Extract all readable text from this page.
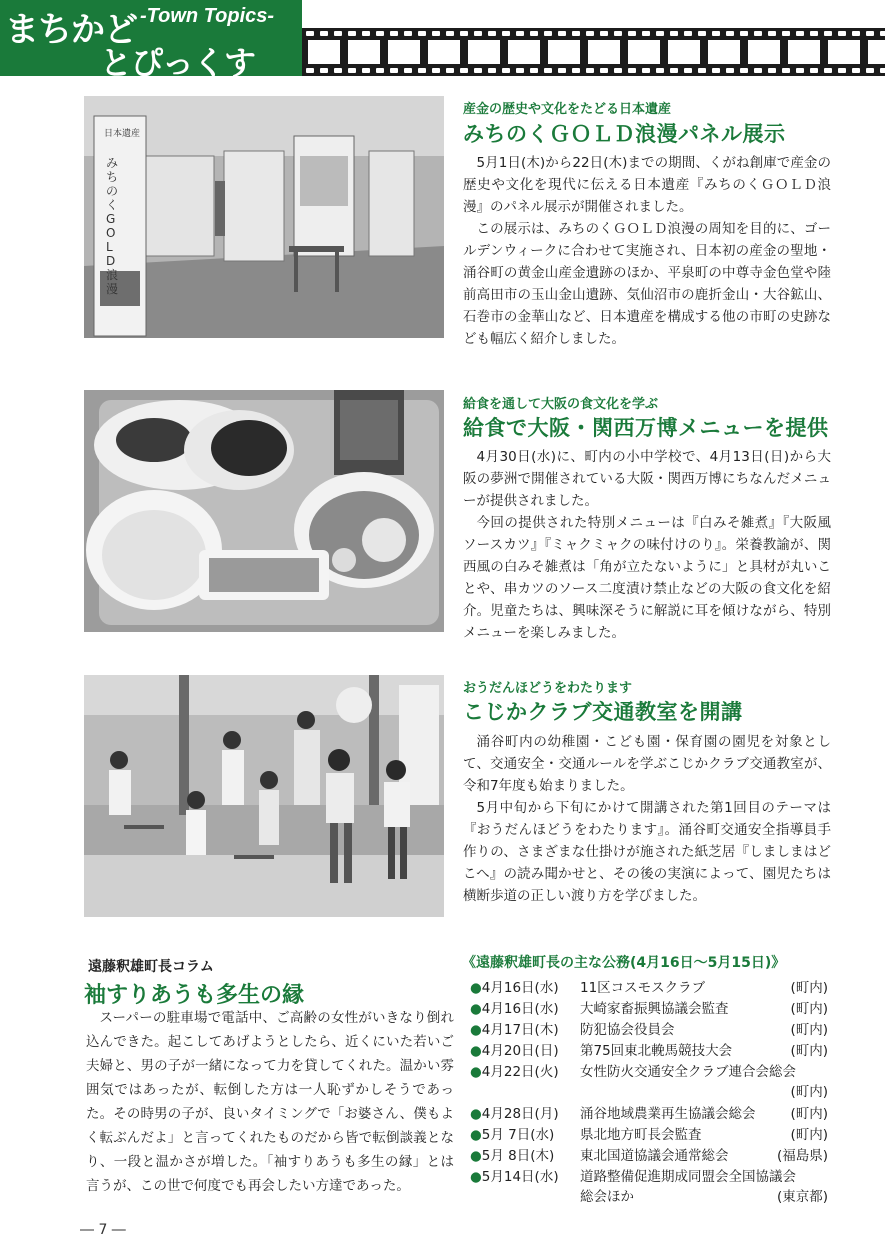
まちかど -Town Topics-
とぴっくす
日本遺産
みちのくGOLD浪漫
産金の歴史や文化をたどる日本遺産
みちのくＧＯＬＤ浪漫パネル展示

5月1日(木)から22日(木)までの期間、くがね創庫で産金の歴史や文化を現代に伝える日本遺産『みちのくＧＯＬＤ浪漫』のパネル展示が開催されました。

この展示は、みちのくＧＯＬＤ浪漫の周知を目的に、ゴールデンウィークに合わせて実施され、日本初の産金の聖地・涌谷町の黄金山産金遺跡のほか、平泉町の中尊寺金色堂や陸前高田市の玉山金山遺跡、気仙沼市の鹿折金山・大谷鉱山、石巻市の金華山など、日本遺産を構成する他の市町の史跡なども幅広く紹介しました。

給食を通して大阪の食文化を学ぶ
給食で大阪・関西万博メニューを提供

4月30日(水)に、町内の小中学校で、4月13日(日)から大阪の夢洲で開催されている大阪・関西万博にちなんだメニューが提供されました。

今回の提供された特別メニューは『白みそ雑煮』『大阪風ソースカツ』『ミャクミャクの味付けのり』。栄養教諭が、関西風の白みそ雑煮は「角が立たないように」と具材が丸いことや、串カツのソース二度漬け禁止などの大阪の食文化を紹介。児童たちは、興味深そうに解説に耳を傾けながら、特別メニューを楽しみました。

おうだんほどうをわたります
こじかクラブ交通教室を開講

涌谷町内の幼稚園・こども園・保育園の園児を対象として、交通安全・交通ルールを学ぶこじかクラブ交通教室が、令和7年度も始まりました。

5月中旬から下旬にかけて開講された第1回目のテーマは『おうだんほどうをわたります』。涌谷町交通安全指導員手作りの、さまざまな仕掛けが施された紙芝居『しましまはどこへ』の読み聞かせと、その後の実演によって、園児たちは横断歩道の正しい渡り方を学びました。

遠藤釈雄町長コラム
袖すりあうも多生の縁

スーパーの駐車場で電話中、ご高齢の女性がいきなり倒れ込んできた。起こしてあげようとしたら、近くにいた若いご夫婦と、男の子が一緒になって力を貸してくれた。温かい雰囲気ではあったが、転倒した方は一人恥ずかしそうであった。その時男の子が、良いタイミングで「お婆さん、僕もよく転ぶんだよ」と言ってくれたものだから皆で転倒談義となり、一段と温かさが増した。「袖すりあうも多生の縁」とは言うが、この世で何度でも再会したい方達であった。

《遠藤釈雄町長の主な公務(4月16日～5月15日)》
●4月16日(水) 11区コスモスクラブ	(町内)
●4月16日(水) 大崎家畜振興協議会監査	(町内)
●4月17日(木) 防犯協会役員会	(町内)
●4月20日(日) 第75回東北輓馬競技大会	(町内)
●4月22日(火) 女性防火交通安全クラブ連合会総会
(町内)
●4月28日(月) 涌谷地域農業再生協議会総会	(町内)
●5月 7日(水) 県北地方町長会監査	(町内)
●5月 8日(木) 東北国道協議会通常総会	(福島県)
●5月14日(水) 道路整備促進期成同盟会全国協議会
総会ほか	(東京都)
― 7 ―
